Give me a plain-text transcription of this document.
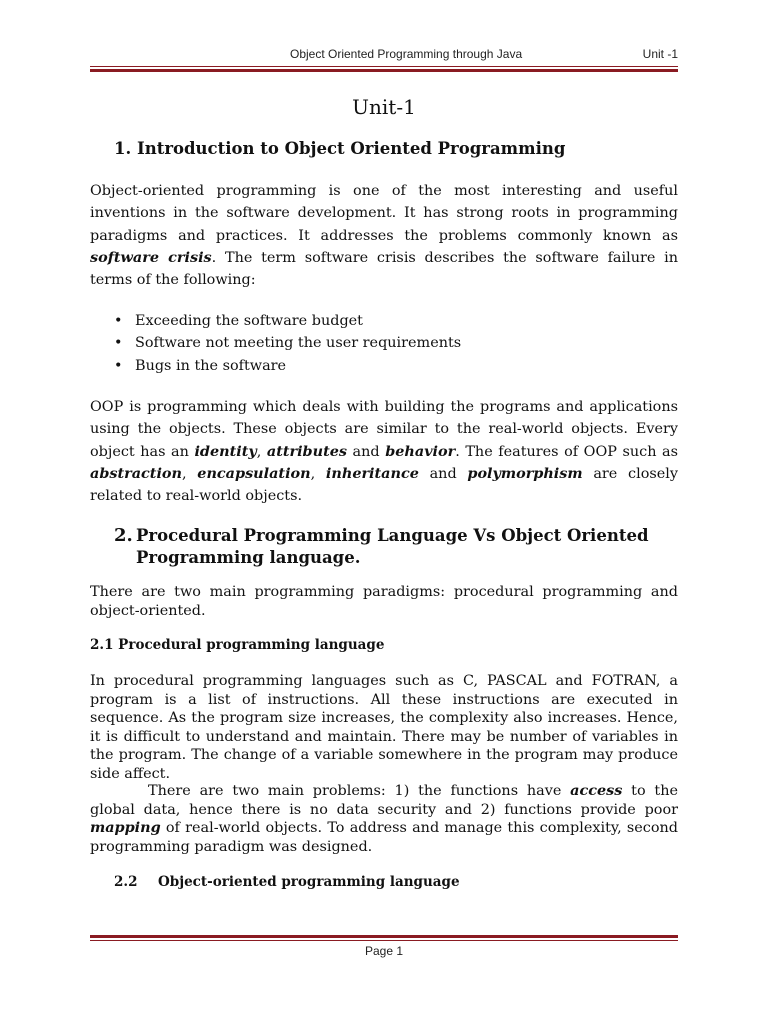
Object Oriented Programming through Java	Unit -1
Unit-1
1. Introduction to Object Oriented Programming
Object-oriented programming is one of the most interesting and useful inventions in the software development. It has strong roots in programming paradigms and practices. It addresses the problems commonly known as software crisis. The term software crisis describes the software failure in terms of the following:
• Exceeding the software budget
• Software not meeting the user requirements
• Bugs in the software
OOP is programming which deals with building the programs and applications using the objects. These objects are similar to the real-world objects. Every object has an identity, attributes and behavior. The features of OOP such as abstraction, encapsulation, inheritance and polymorphism are closely related to real-world objects.
2. Procedural Programming Language Vs Object Oriented
Programming language.
There are two main programming paradigms: procedural programming and object-oriented.
2.1 Procedural programming language
In procedural programming languages such as C, PASCAL and FOTRAN, a program is a list of instructions. All these instructions are executed in sequence. As the program size increases, the complexity also increases. Hence, it is difficult to understand and maintain. There may be number of variables in the program. The change of a variable somewhere in the program may produce side affect.
There are two main problems: 1) the functions have access to the global data, hence there is no data security and 2) functions provide poor mapping of real-world objects. To address and manage this complexity, second programming paradigm was designed.
2.2 Object-oriented programming language
Page 1
